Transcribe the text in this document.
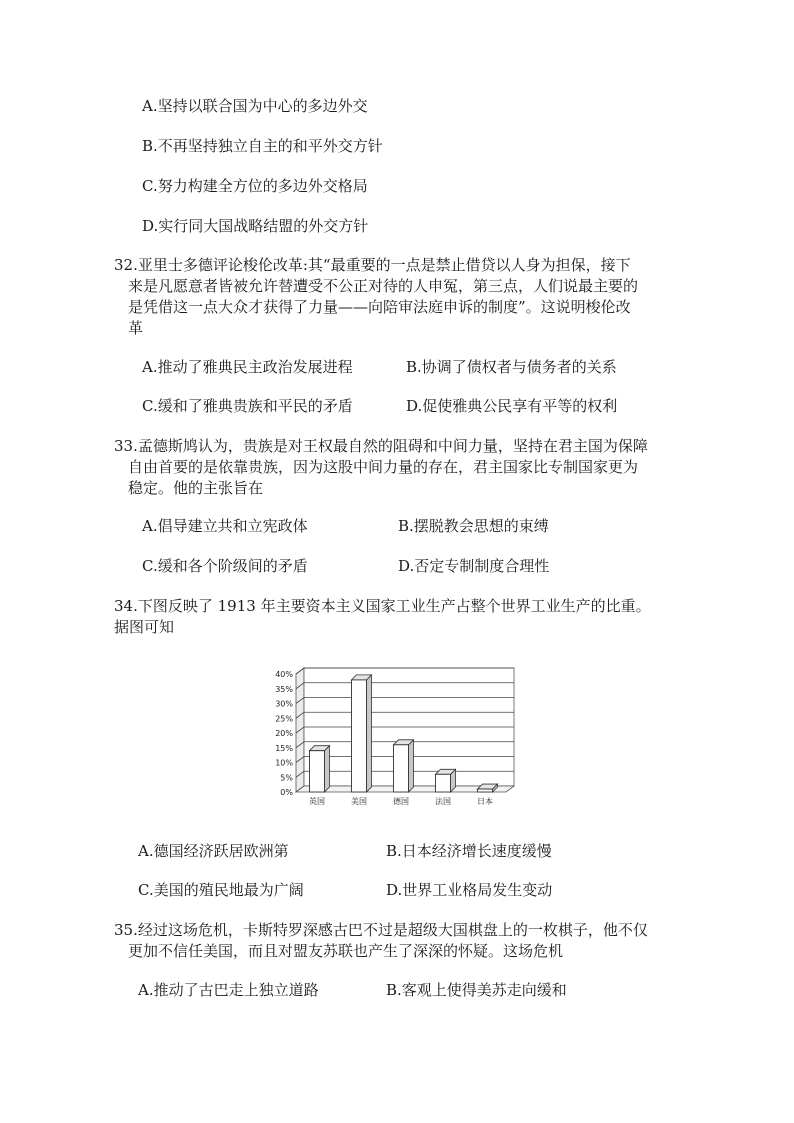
A.坚持以联合国为中心的多边外交
B.不再坚持独立自主的和平外交方针
C.努力构建全方位的多边外交格局
D.实行同大国战略结盟的外交方针
32.亚里士多德评论梭伦改革:其“最重要的一点是禁止借贷以人身为担保，接下
来是凡愿意者皆被允许替遭受不公正对待的人申冤，第三点，人们说最主要的
是凭借这一点大众才获得了力量——向陪审法庭申诉的制度”。这说明梭伦改
革
A.推动了雅典民主政治发展进程	B.协调了债权者与债务者的关系
C.缓和了雅典贵族和平民的矛盾	D.促使雅典公民享有平等的权利
33.孟德斯鸠认为，贵族是对王权最自然的阻碍和中间力量，坚持在君主国为保障
自由首要的是依靠贵族，因为这股中间力量的存在，君主国家比专制国家更为
稳定。他的主张旨在
A.倡导建立共和立宪政体	B.摆脱教会思想的束缚
C.缓和各个阶级间的矛盾	D.否定专制制度合理性
34.下图反映了 1913 年主要资本主义国家工业生产占整个世界工业生产的比重。
据图可知
0%
5%
10%
15%
20%
25%
30%
35%
40%
英国	美国	德国	法国	日本
A.德国经济跃居欧洲第	B.日本经济增长速度缓慢
C.美国的殖民地最为广阔	D.世界工业格局发生变动
35.经过这场危机，卡斯特罗深感古巴不过是超级大国棋盘上的一枚棋子，他不仅
更加不信任美国，而且对盟友苏联也产生了深深的怀疑。这场危机
A.推动了古巴走上独立道路	B.客观上使得美苏走向缓和
